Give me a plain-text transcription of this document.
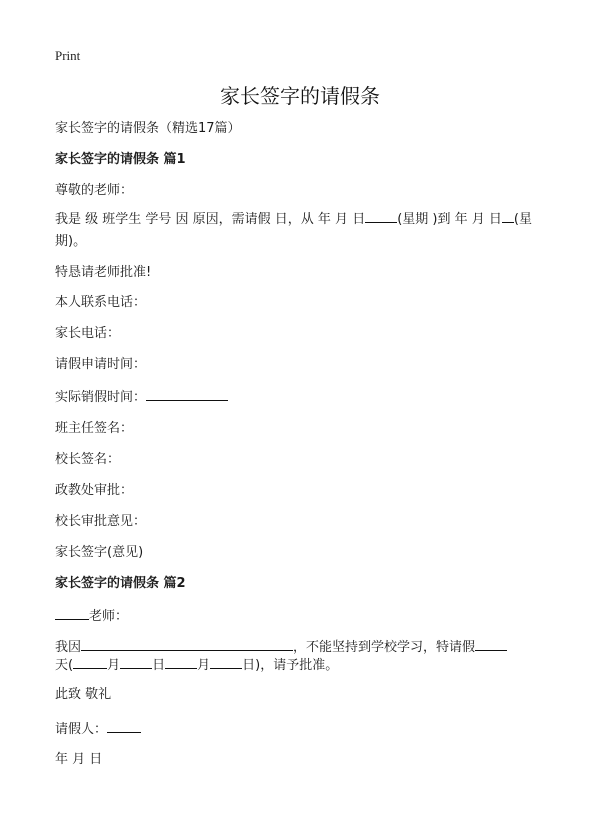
Print
家长签字的请假条
家长签字的请假条（精选17篇）
家长签字的请假条 篇1
尊敬的老师：
我是 级 班学生 学号 因 原因，需请假 日，从 年 月 日 (星期 )到 年 月 日 (星期)。
特恳请老师批准!
本人联系电话：
家长电话：
请假申请时间：
实际销假时间：
班主任签名：
校长签名：
政教处审批：
校长审批意见：
家长签字(意见)
家长签字的请假条 篇2
老师：
我因	，不能坚持到学校学习，特请假
天(	月 日 月 日)，请予批准。
此致 敬礼
请假人：
年 月 日
